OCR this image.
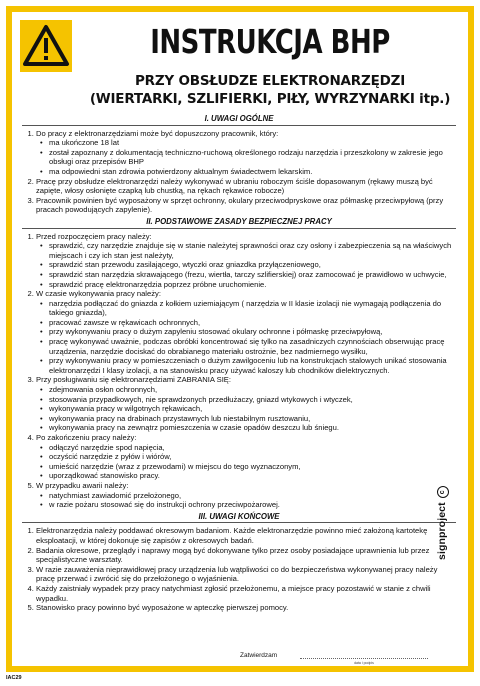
INSTRUKCJA BHP
PRZY OBSŁUDZE ELEKTRONARZĘDZI
(WIERTARKI, SZLIFIERKI, PIŁY, WYRZYNARKI itp.)
I. UWAGI OGÓLNE
1. Do pracy z elektronarzędziami może być dopuszczony pracownik, który:
• ma ukończone 18 lat
• został zapoznany z dokumentacją techniczno-ruchową określonego rodzaju narzędzia i przeszkolony w zakresie jego obsługi oraz przepisów BHP
• ma odpowiedni stan zdrowia potwierdzony aktualnym świadectwem lekarskim.
2. Pracę przy obsłudze elektronarzędzi należy wykonywać w ubraniu roboczym ściśle dopasowanym (rękawy muszą być zapięte, włosy osłonięte czapką lub chustką, na rękach rękawice robocze)
3. Pracownik powinien być wyposażony w sprzęt ochronny, okulary przeciwodpryskowe oraz półmaskę przeciwpyłową (przy pracach powodujących zapylenie).
II. PODSTAWOWE ZASADY BEZPIECZNEJ PRACY
1. Przed rozpoczęciem pracy należy:
• sprawdzić, czy narzędzie znajduje się w stanie należytej sprawności oraz czy osłony i zabezpieczenia są na właściwych miejscach i czy ich stan jest należyty,
• sprawdzić stan przewodu zasilającego, wtyczki oraz gniazdka przyłączeniowego,
• sprawdzić stan narzędzia skrawającego (frezu, wiertła, tarczy szlifierskiej) oraz zamocować je prawidłowo w uchwycie,
• sprawdzić pracę elektronarzędzia poprzez próbne uruchomienie.
2. W czasie wykonywania pracy należy:
• narzędzia podłączać do gniazda z kołkiem uziemiającym ( narzędzia w II klasie izolacji nie wymagają podłączenia do takiego gniazda),
• pracować zawsze w rękawicach ochronnych,
• przy wykonywaniu pracy o dużym zapyleniu stosować okulary ochronne i półmaskę przeciwpyłową,
• pracę wykonywać uważnie, podczas obróbki koncentrować się tylko na zasadniczych czynnościach obserwując pracę urządzenia, narzędzie dociskać do obrabianego materiału ostrożnie, bez nadmiernego wysiłku,
• przy wykonywaniu pracy w pomieszczeniach o dużym zawilgoceniu lub na konstrukcjach stalowych unikać stosowania elektronarzędzi I klasy izolacji, a na stanowisku pracy używać kaloszy lub chodników dielektrycznych.
3. Przy posługiwaniu się elektronarzędziami ZABRANIA SIĘ:
• zdejmowania osłon ochronnych,
• stosowania przypadkowych, nie sprawdzonych przedłużaczy, gniazd wtykowych i wtyczek,
• wykonywania pracy w wilgotnych rękawicach,
• wykonywania pracy na drabinach przystawnych lub niestabilnym rusztowaniu,
• wykonywania pracy na zewnątrz pomieszczenia w czasie opadów deszczu lub śniegu.
4. Po zakończeniu pracy należy:
• odłączyć narzędzie spod napięcia,
• oczyścić narzędzie z pyłów i wiórów,
• umieścić narzędzie (wraz z przewodami) w miejscu do tego wyznaczonym,
• uporządkować stanowisko pracy.
5. W przypadku awarii należy:
• natychmiast zawiadomić przełożonego,
• w razie pożaru stosować się do instrukcji ochrony przeciwpożarowej.
III. UWAGI KOŃCOWE
1. Elektronarzędzia należy poddawać okresowym badaniom. Każde elektronarzędzie powinno mieć założoną kartotekę eksploatacji, w której dokonuje się zapisów z okresowych badań.
2. Badania okresowe, przeglądy i naprawy mogą być dokonywane tylko przez osoby posiadające uprawnienia lub przez specjalistyczne warsztaty.
3. W razie zauważenia nieprawidłowej pracy urządzenia lub wątpliwości co do bezpieczeństwa wykonywanej pracy należy pracę przerwać i zwrócić się do przełożonego o wyjaśnienia.
4. Każdy zaistniały wypadek przy pracy natychmiast zgłosić przełożonemu, a miejsce pracy pozostawić w stanie z chwili wypadku.
5. Stanowisko pracy powinno być wyposażone w apteczkę pierwszej pomocy.
Zatwierdzam
data i podpis
signproject c
IAC29
